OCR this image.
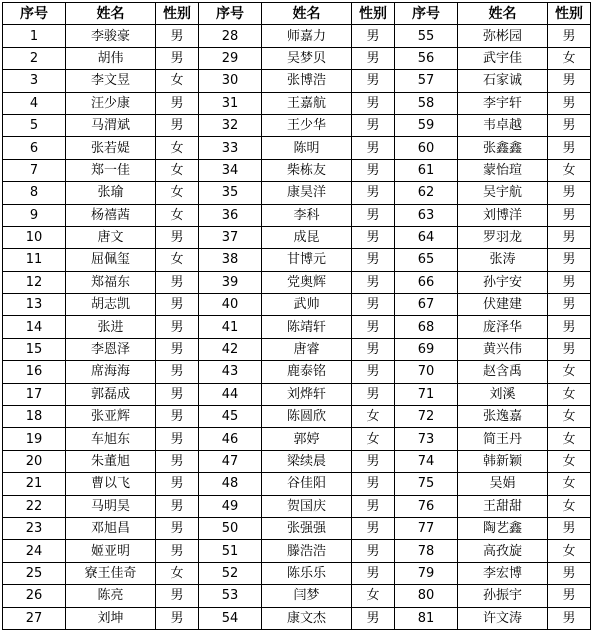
序号	姓名	性别	序号	姓名	性别	序号	姓名	性别
1	李骏豪	男	28	师嘉力	男	55	弥彬园	男
2	胡伟	男	29	吴梦贝	男	56	武宇佳	女
3	李文昱	女	30	张博浩	男	57	石家诚	男
4	汪少康	男	31	王嘉航	男	58	李宇轩	男
5	马渭斌	男	32	王少华	男	59	韦卓越	男
6	张若媞	女	33	陈明	男	60	张鑫鑫	男
7	郑一佳	女	34	柴栋友	男	61	蒙怡瑄	女
8	张瑜	女	35	康昊洋	男	62	吴宇航	男
9	杨禧茜	女	36	李科	男	63	刘博洋	男
10	唐文	男	37	成昆	男	64	罗羽龙	男
11	屈佩玺	女	38	甘博元	男	65	张涛	男
12	郑福东	男	39	党奥辉	男	66	孙宇安	男
13	胡志凯	男	40	武帅	男	67	伏建建	男
14	张进	男	41	陈靖轩	男	68	庞泽华	男
15	李恩泽	男	42	唐睿	男	69	黄兴伟	男
16	席海海	男	43	鹿泰铭	男	70	赵含禹	女
17	郭磊成	男	44	刘烨轩	男	71	刘溪	女
18	张亚辉	男	45	陈圆欣	女	72	张逸嘉	女
19	车旭东	男	46	郭婷	女	73	简王丹	女
20	朱董旭	男	47	梁续晨	男	74	韩新颖	女
21	曹以飞	男	48	谷佳阳	男	75	吴娟	女
22	马明昊	男	49	贺国庆	男	76	王甜甜	女
23	邓旭昌	男	50	张强强	男	77	陶艺鑫	男
24	姬亚明	男	51	滕浩浩	男	78	高孜旋	女
25	寮王佳奇	女	52	陈乐乐	男	79	李宏博	男
26	陈亮	男	53	闫梦	女	80	孙振宇	男
27	刘坤	男	54	康文杰	男	81	许文涛	男
